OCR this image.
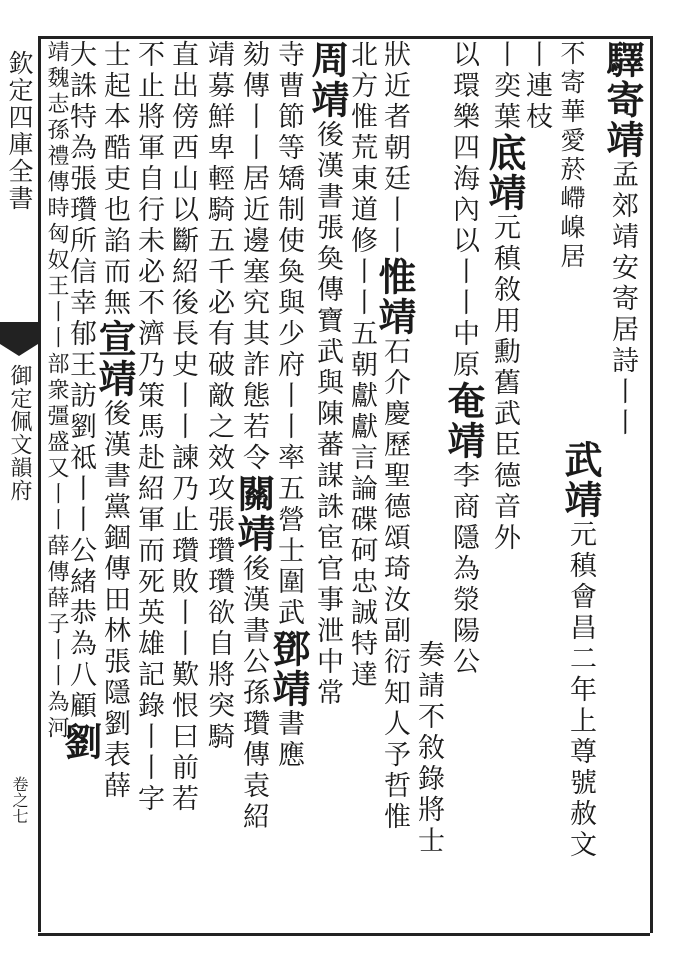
欽定四庫全書
御定佩文韻府
卷之七
驛寄靖孟郊靖安寄居詩丨丨
不寄華愛菸嵽嵲居
丨連枝
丨奕葉底靖元稹敘用勳舊武臣德音外
以環樂四海內以丨丨中原奄靖李商隱為滎陽公
奏請不敘錄將士
武靖元稹會昌二年上尊號赦文
狀近者朝廷丨丨惟靖石介慶歷聖德頌琦汝副衍知人予哲惟
北方惟荒東道修丨丨五朝獻獻言論碟砢忠誠特達
周靖後漢書張奐傳寶武與陳蕃謀誅宦官事泄中常
寺曹節等矯制使奐與少府丨丨率五營士圍武鄧靖書應
劾傳丨丨居近邊塞究其詐態若令關靖後漢書公孫瓚傳袁紹
靖募鮮卑輕騎五千必有破敵之效攻張瓚瓚欲自將突騎
直出傍西山以斷紹後長史丨丨諫乃止瓚敗丨丨歎恨曰前若
不止將軍自行未必不濟乃策馬赴紹軍而死英雄記錄丨丨字
士起本酷吏也諂而無宣靖後漢書黨錮傳田林張隱劉表薛
大誅特為張瓚所信幸郁王訪劉祗丨丨公緒恭為八顧劉
靖魏志孫禮傳時匈奴王丨丨部衆彊盛又丨丨薛傳薛子丨丨為河
